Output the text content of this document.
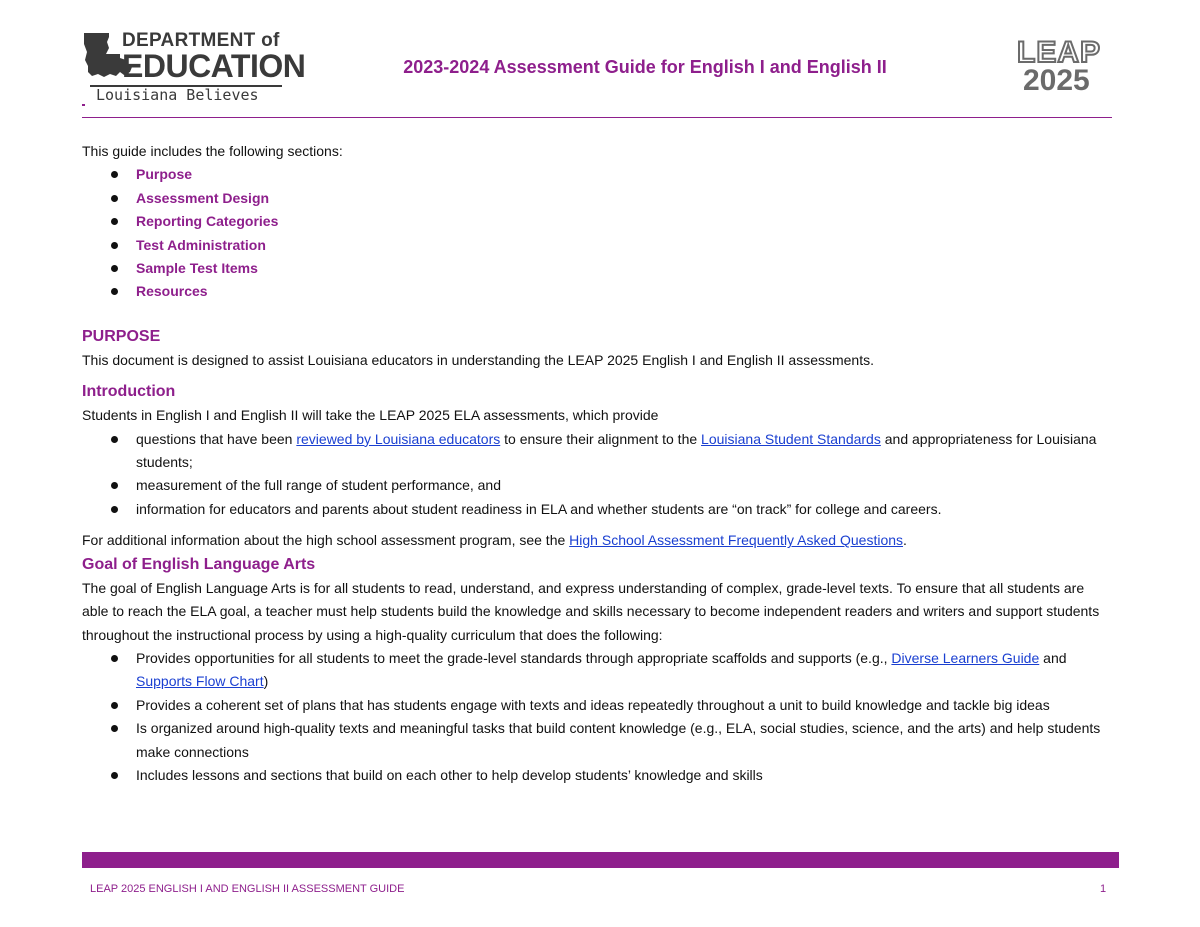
DEPARTMENT of
EDUCATION
Louisiana Believes
2023-2024 Assessment Guide for English I and English II	LEAP
2025

This guide includes the following sections:

Purpose
Assessment Design
Reporting Categories
Test Administration
Sample Test Items
Resources
PURPOSE

This document is designed to assist Louisiana educators in understanding the LEAP 2025 English I and English II assessments.

Introduction

Students in English I and English II will take the LEAP 2025 ELA assessments, which provide

questions that have been reviewed by Louisiana educators to ensure their alignment to the Louisiana Student Standards and appropriateness for Louisiana students;
measurement of the full range of student performance, and
information for educators and parents about student readiness in ELA and whether students are “on track” for college and careers.

For additional information about the high school assessment program, see the High School Assessment Frequently Asked Questions.

Goal of English Language Arts

The goal of English Language Arts is for all students to read, understand, and express understanding of complex, grade-level texts. To ensure that all students are able to reach the ELA goal, a teacher must help students build the knowledge and skills necessary to become independent readers and writers and support students throughout the instructional process by using a high-quality curriculum that does the following:

Provides opportunities for all students to meet the grade-level standards through appropriate scaffolds and supports (e.g., Diverse Learners Guide and Supports Flow Chart)
Provides a coherent set of plans that has students engage with texts and ideas repeatedly throughout a unit to build knowledge and tackle big ideas
Is organized around high-quality texts and meaningful tasks that build content knowledge (e.g., ELA, social studies, science, and the arts) and help students make connections
Includes lessons and sections that build on each other to help develop students’ knowledge and skills
LEAP 2025 ENGLISH I AND ENGLISH II ASSESSMENT GUIDE	1
